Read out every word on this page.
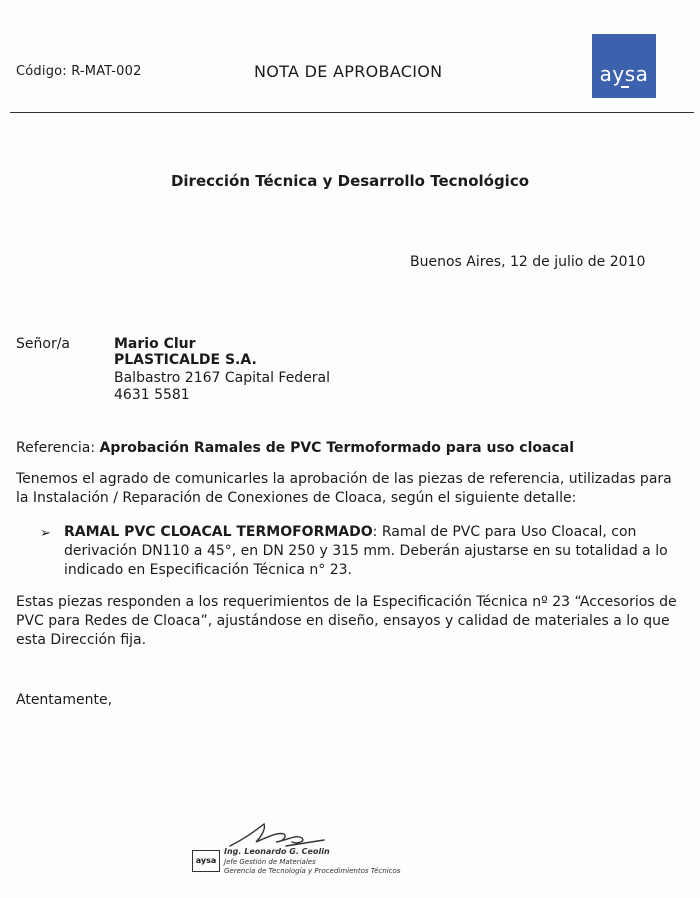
Código: R-MAT-002	NOTA DE APROBACION	aysa
Dirección Técnica y Desarrollo Tecnológico
Buenos Aires, 12 de julio de 2010
Señor/a	Mario Clur
PLASTICALDE S.A.
Balbastro 2167 Capital Federal
4631 5581
Referencia: Aprobación Ramales de PVC Termoformado para uso cloacal
Tenemos el agrado de comunicarles la aprobación de las piezas de referencia, utilizadas para
la Instalación / Reparación de Conexiones de Cloaca, según el siguiente detalle:
➢ RAMAL PVC CLOACAL TERMOFORMADO: Ramal de PVC para Uso Cloacal, con
derivación DN110 a 45°, en DN 250 y 315 mm. Deberán ajustarse en su totalidad a lo
indicado en Especificación Técnica n° 23.
Estas piezas responden a los requerimientos de la Especificación Técnica nº 23 “Accesorios de
PVC para Redes de Cloaca”, ajustándose en diseño, ensayos y calidad de materiales a lo que
esta Dirección fija.
Atentamente,
aysa
Ing. Leonardo G. Ceolin
Jefe Gestión de Materiales
Gerencia de Tecnología y Procedimientos Técnicos
